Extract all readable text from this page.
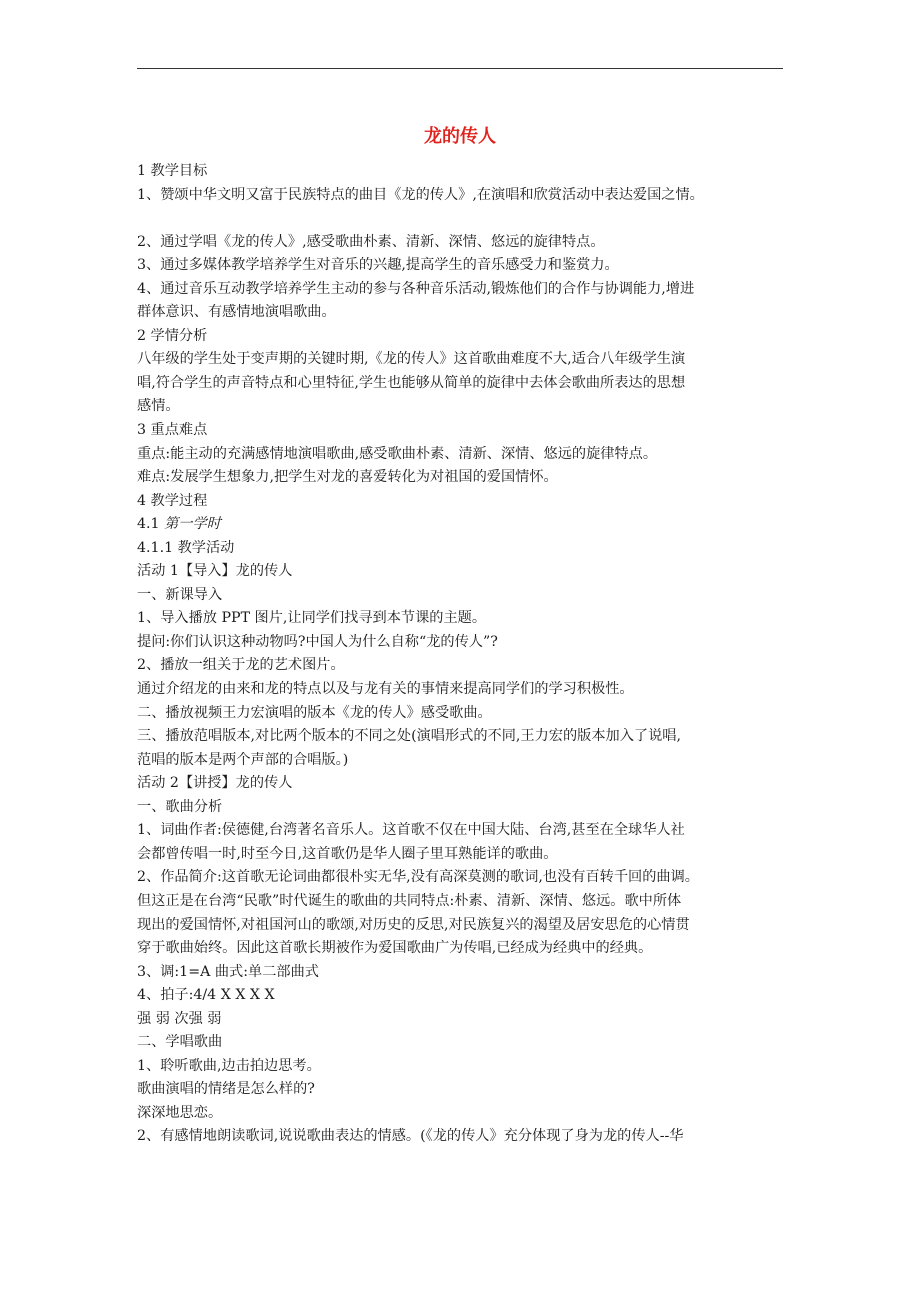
龙的传人
1 教学目标
1、赞颂中华文明又富于民族特点的曲目《龙的传人》,在演唱和欣赏活动中表达爱国之情。
2、通过学唱《龙的传人》,感受歌曲朴素、清新、深情、悠远的旋律特点。
3、通过多媒体教学培养学生对音乐的兴趣,提高学生的音乐感受力和鉴赏力。
4、通过音乐互动教学培养学生主动的参与各种音乐活动,锻炼他们的合作与协调能力,增进
群体意识、有感情地演唱歌曲。
2 学情分析
八年级的学生处于变声期的关键时期,《龙的传人》这首歌曲难度不大,适合八年级学生演
唱,符合学生的声音特点和心里特征,学生也能够从简单的旋律中去体会歌曲所表达的思想
感情。
3 重点难点
重点:能主动的充满感情地演唱歌曲,感受歌曲朴素、清新、深情、悠远的旋律特点。
难点:发展学生想象力,把学生对龙的喜爱转化为对祖国的爱国情怀。
4 教学过程
4.1 第一学时
4.1.1 教学活动
活动 1【导入】龙的传人
一、新课导入
1、导入播放 PPT 图片,让同学们找寻到本节课的主题。
提问:你们认识这种动物吗?中国人为什么自称“龙的传人”?
2、播放一组关于龙的艺术图片。
通过介绍龙的由来和龙的特点以及与龙有关的事情来提高同学们的学习积极性。
二、播放视频王力宏演唱的版本《龙的传人》感受歌曲。
三、播放范唱版本,对比两个版本的不同之处(演唱形式的不同,王力宏的版本加入了说唱,
范唱的版本是两个声部的合唱版。)
活动 2【讲授】龙的传人
一、歌曲分析
1、词曲作者:侯德健,台湾著名音乐人。这首歌不仅在中国大陆、台湾,甚至在全球华人社
会都曾传唱一时,时至今日,这首歌仍是华人圈子里耳熟能详的歌曲。
2、作品简介:这首歌无论词曲都很朴实无华,没有高深莫测的歌词,也没有百转千回的曲调。
但这正是在台湾“民歌”时代诞生的歌曲的共同特点:朴素、清新、深情、悠远。歌中所体
现出的爱国情怀,对祖国河山的歌颂,对历史的反思,对民族复兴的渴望及居安思危的心情贯
穿于歌曲始终。因此这首歌长期被作为爱国歌曲广为传唱,已经成为经典中的经典。
3、调:1=A 曲式:单二部曲式
4、拍子:4/4 X X X X
强 弱 次强 弱
二、学唱歌曲
1、聆听歌曲,边击拍边思考。
歌曲演唱的情绪是怎么样的?
深深地思恋。
2、有感情地朗读歌词,说说歌曲表达的情感。(《龙的传人》充分体现了身为龙的传人--华
